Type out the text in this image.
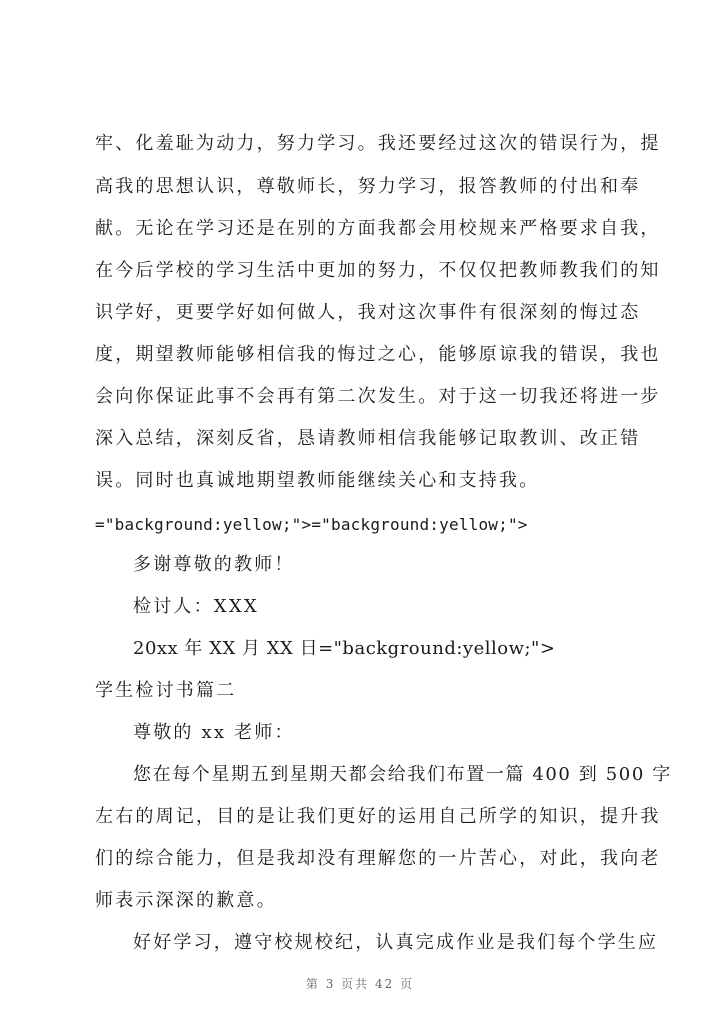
牢、化羞耻为动力，努力学习。我还要经过这次的错误行为，提
高我的思想认识，尊敬师长，努力学习，报答教师的付出和奉
献。无论在学习还是在别的方面我都会用校规来严格要求自我，
在今后学校的学习生活中更加的努力，不仅仅把教师教我们的知
识学好，更要学好如何做人，我对这次事件有很深刻的悔过态
度，期望教师能够相信我的悔过之心，能够原谅我的错误，我也
会向你保证此事不会再有第二次发生。对于这一切我还将进一步
深入总结，深刻反省，恳请教师相信我能够记取教训、改正错
误。同时也真诚地期望教师能继续关心和支持我。
="background:yellow;">="background:yellow;">
多谢尊敬的教师！
检讨人：XXX
20xx 年 XX 月 XX 日="background:yellow;">
学生检讨书篇二
尊敬的 xx 老师：
您在每个星期五到星期天都会给我们布置一篇 400 到 500 字
左右的周记，目的是让我们更好的运用自己所学的知识，提升我
们的综合能力，但是我却没有理解您的一片苦心，对此，我向老
师表示深深的歉意。
好好学习，遵守校规校纪，认真完成作业是我们每个学生应
第 3 页共 42 页
